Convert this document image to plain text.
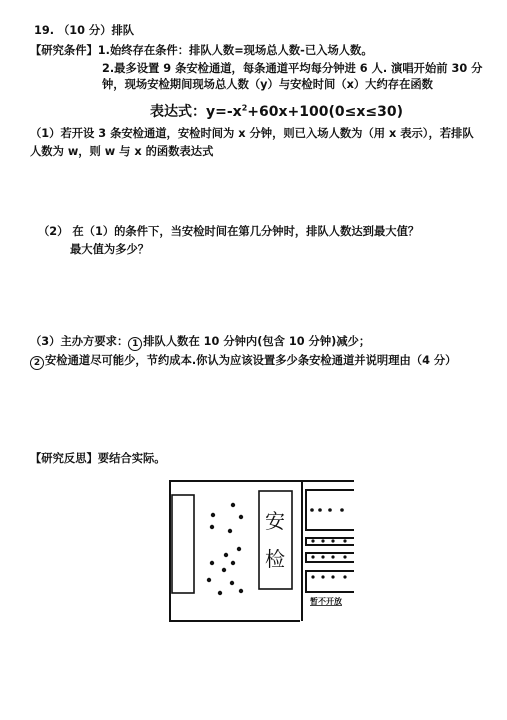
19. （10 分）排队
【研究条件】1.始终存在条件：排队人数=现场总人数-已入场人数。
2.最多设置 9 条安检通道，每条通道平均每分钟进 6 人. 演唱开始前 30 分
钟，现场安检期间现场总人数（y）与安检时间（x）大约存在函数
表达式：$y=-x^2+60x+100(0\le x\le 30)$
（1）若开设 3 条安检通道，安检时间为 x 分钟，则已入场人数为（用 x 表示），若排队
人数为 w，则 w 与 x 的函数表达式
（2） 在（1）的条件下，当安检时间在第几分钟时，排队人数达到最大值？
最大值为多少？
（3）主办方要求： 1 排队人数在 10 分钟内(包含 10 分钟)减少；
2 安检通道尽可能少，节约成本.你认为应该设置多少条安检通道并说明理由（4 分）
【研究反思】要结合实际。
安
检
暂不开放
